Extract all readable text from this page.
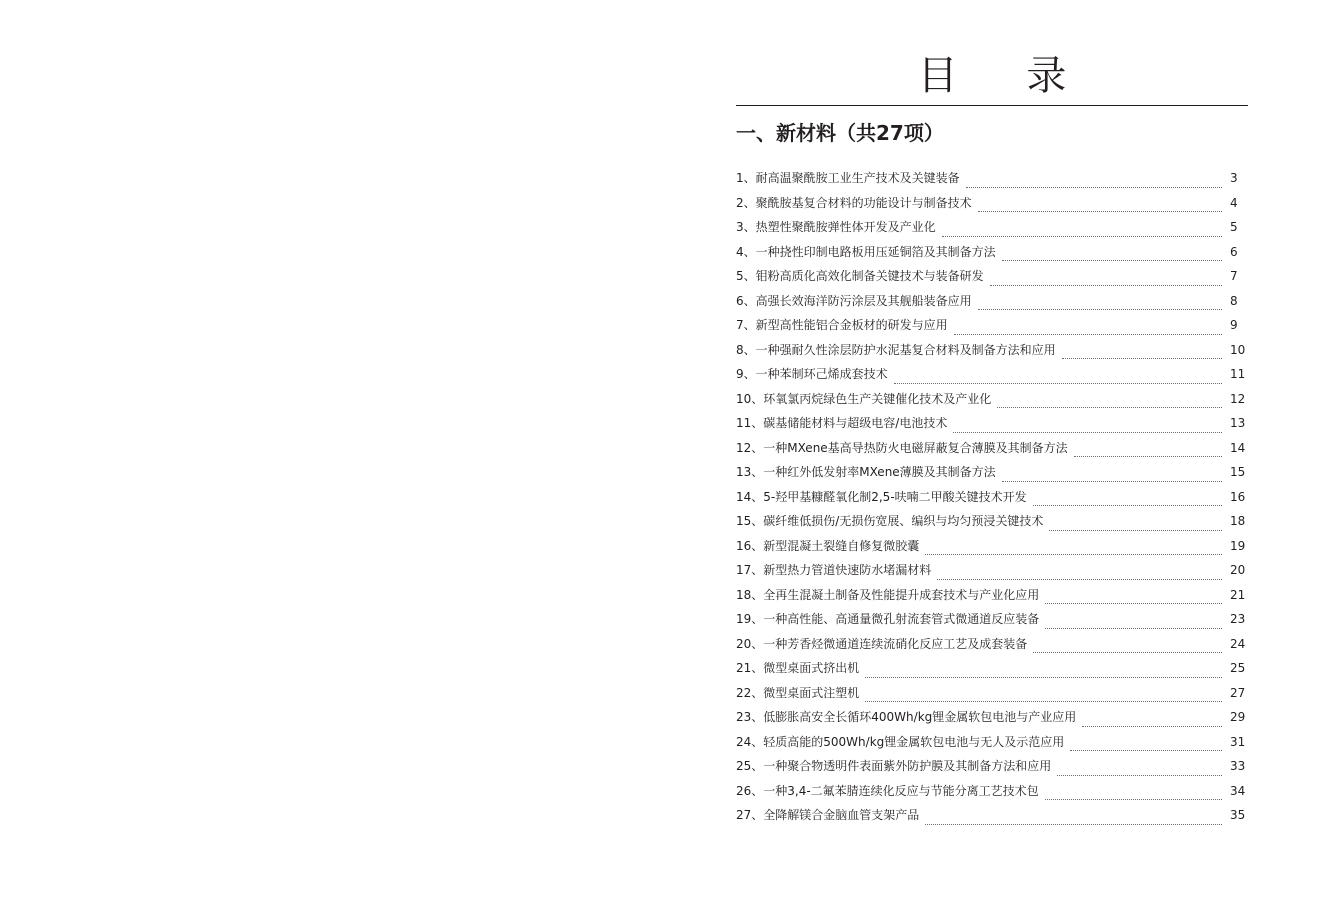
目 录
一、新材料（共27项）
1、耐高温聚酰胺工业生产技术及关键装备	3
2、聚酰胺基复合材料的功能设计与制备技术	4
3、热塑性聚酰胺弹性体开发及产业化	5
4、一种挠性印制电路板用压延铜箔及其制备方法	6
5、钼粉高质化高效化制备关键技术与装备研发	7
6、高强长效海洋防污涂层及其舰船装备应用	8
7、新型高性能铝合金板材的研发与应用	9
8、一种强耐久性涂层防护水泥基复合材料及制备方法和应用	10
9、一种苯制环己烯成套技术	11
10、环氧氯丙烷绿色生产关键催化技术及产业化	12
11、碳基储能材料与超级电容/电池技术	13
12、一种MXene基高导热防火电磁屏蔽复合薄膜及其制备方法	14
13、一种红外低发射率MXene薄膜及其制备方法	15
14、5-羟甲基糠醛氧化制2,5-呋喃二甲酸关键技术开发	16
15、碳纤维低损伤/无损伤宽展、编织与均匀预浸关键技术	18
16、新型混凝土裂缝自修复微胶囊	19
17、新型热力管道快速防水堵漏材料	20
18、全再生混凝土制备及性能提升成套技术与产业化应用	21
19、一种高性能、高通量微孔射流套管式微通道反应装备	23
20、一种芳香烃微通道连续流硝化反应工艺及成套装备	24
21、微型桌面式挤出机	25
22、微型桌面式注塑机	27
23、低膨胀高安全长循环400Wh/kg锂金属软包电池与产业应用	29
24、轻质高能的500Wh/kg锂金属软包电池与无人及示范应用	31
25、一种聚合物透明件表面紫外防护膜及其制备方法和应用	33
26、一种3,4-二氟苯腈连续化反应与节能分离工艺技术包	34
27、全降解镁合金脑血管支架产品	35
